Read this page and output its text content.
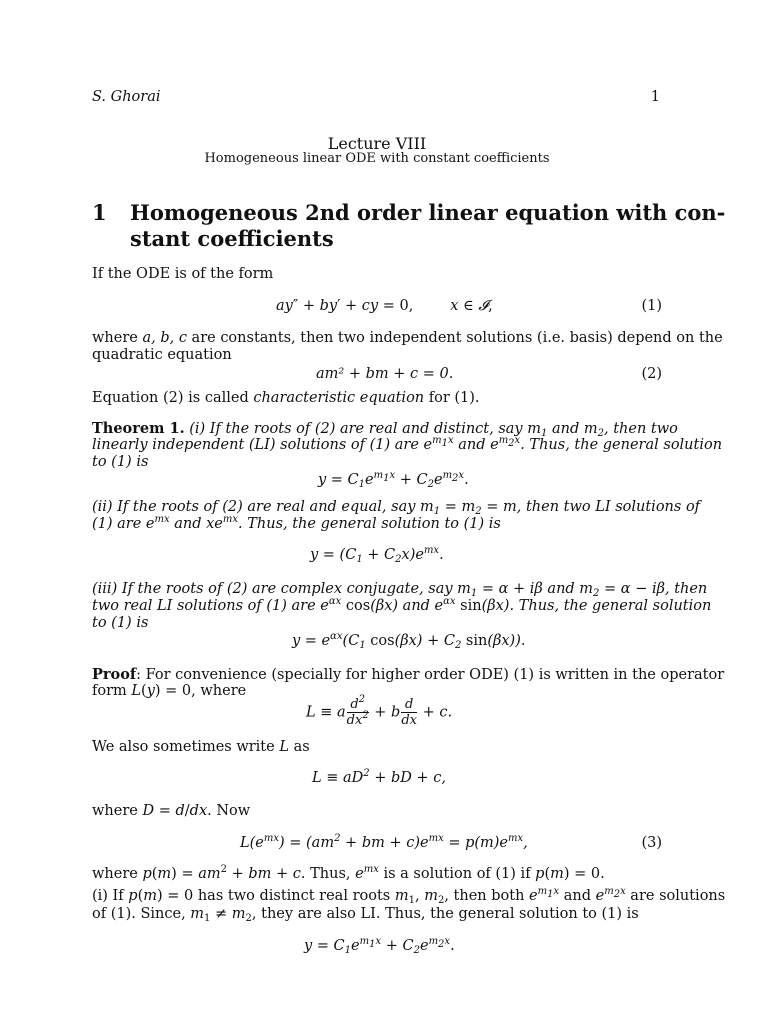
S. Ghorai	1
Lecture VIII
Homogeneous linear ODE with constant coefficients
1 Homogeneous 2nd order linear equation with con-
stant coefficients
If the ODE is of the form
ay″ + by′ + cy = 0,        x ∈ 𝓘,	(1)
where a, b, c are constants, then two independent solutions (i.e. basis) depend on the
quadratic equation
am² + bm + c = 0.	(2)
Equation (2) is called characteristic equation for (1).
Theorem 1. (i) If the roots of (2) are real and distinct, say $m_1$ and $m_2$, then two
linearly independent (LI) solutions of (1) are $e^{m_1x}$ and $e^{m_2x}$. Thus, the general solution
to (1) is
$y = C_1e^{m_1x} + C_2e^{m_2x}$.
(ii) If the roots of (2) are real and equal, say $m_1 = m_2 = m$, then two LI solutions of
(1) are $e^{mx}$ and $xe^{mx}$. Thus, the general solution to (1) is
$y = (C_1 + C_2x)e^{mx}$.
(iii) If the roots of (2) are complex conjugate, say $m_1 = \alpha + i\beta$ and $m_2 = \alpha - i\beta$, then
two real LI solutions of (1) are $e^{\alpha x}$ cos(βx) and $e^{\alpha x}$ sin(βx). Thus, the general solution
to (1) is
$y = e^{\alpha x}(C_1$ $\cos(\beta x) + C_2$ sin(βx)).
Proof: For convenience (specially for higher order ODE) (1) is written in the operator
form L(y) = 0, where
L ≡ a $\frac{d^2}{dx^2} + b \frac{d}{dx} + c$.
We also sometimes write L as
$L \equiv aD^2$ + bD + c,
where D = d/dx. Now
$L(e^{mx}) = (am^2$ + bm + $c)e^{mx} = p(m)e^{mx}$,	(3)
where $p(m) = am^2$ + bm + c. Thus, $e^{mx}$ is a solution of (1) if p(m) = 0.
(i) If p(m) = 0 has two distinct real roots $m_1$, $m_2$, then both $e^{m_1x}$ and $e^{m_2x}$ are solutions
of (1). Since, $m_1 \ne m_2$, they are also LI. Thus, the general solution to (1) is
$y = C_1e^{m_1x} + C_2e^{m_2x}$.
